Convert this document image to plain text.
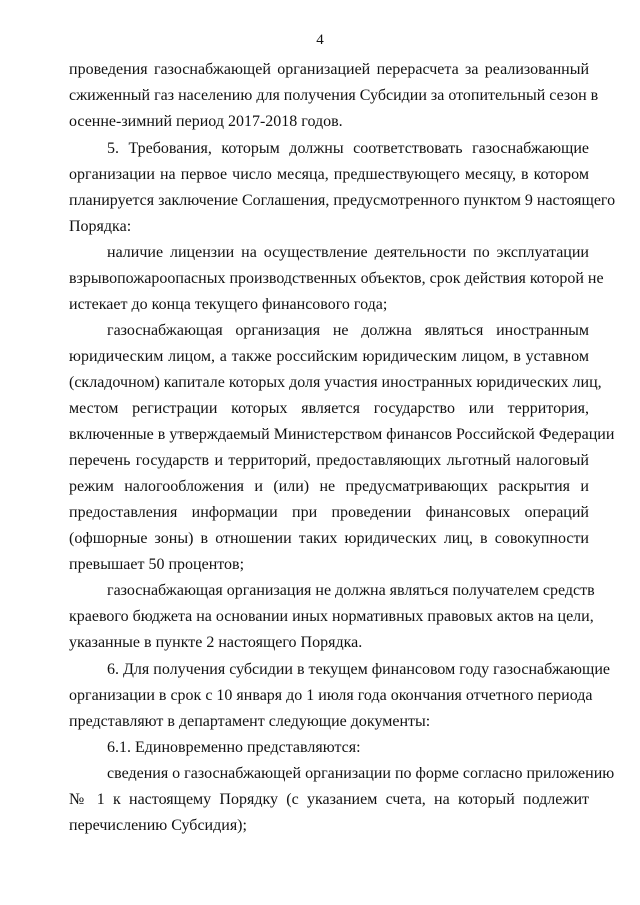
4
проведения газоснабжающей организацией перерасчета за реализованный
сжиженный газ населению для получения Субсидии за отопительный сезон в
осенне-зимний период 2017-2018 годов.
5. Требования, которым должны соответствовать газоснабжающие
организации на первое число месяца, предшествующего месяцу, в котором
планируется заключение Соглашения, предусмотренного пунктом 9 настоящего
Порядка:
наличие лицензии на осуществление деятельности по эксплуатации
взрывопожароопасных производственных объектов, срок действия которой не
истекает до конца текущего финансового года;
газоснабжающая организация не должна являться иностранным
юридическим лицом, а также российским юридическим лицом, в уставном
(складочном) капитале которых доля участия иностранных юридических лиц,
местом регистрации которых является государство или территория,
включенные в утверждаемый Министерством финансов Российской Федерации
перечень государств и территорий, предоставляющих льготный налоговый
режим налогообложения и (или) не предусматривающих раскрытия и
предоставления информации при проведении финансовых операций
(офшорные зоны) в отношении таких юридических лиц, в совокупности
превышает 50 процентов;
газоснабжающая организация не должна являться получателем средств
краевого бюджета на основании иных нормативных правовых актов на цели,
указанные в пункте 2 настоящего Порядка.
6. Для получения субсидии в текущем финансовом году газоснабжающие
организации в срок с 10 января до 1 июля года окончания отчетного периода
представляют в департамент следующие документы:
6.1. Единовременно представляются:
сведения о газоснабжающей организации по форме согласно приложению
№ 1 к настоящему Порядку (с указанием счета, на который подлежит
перечислению Субсидия);
